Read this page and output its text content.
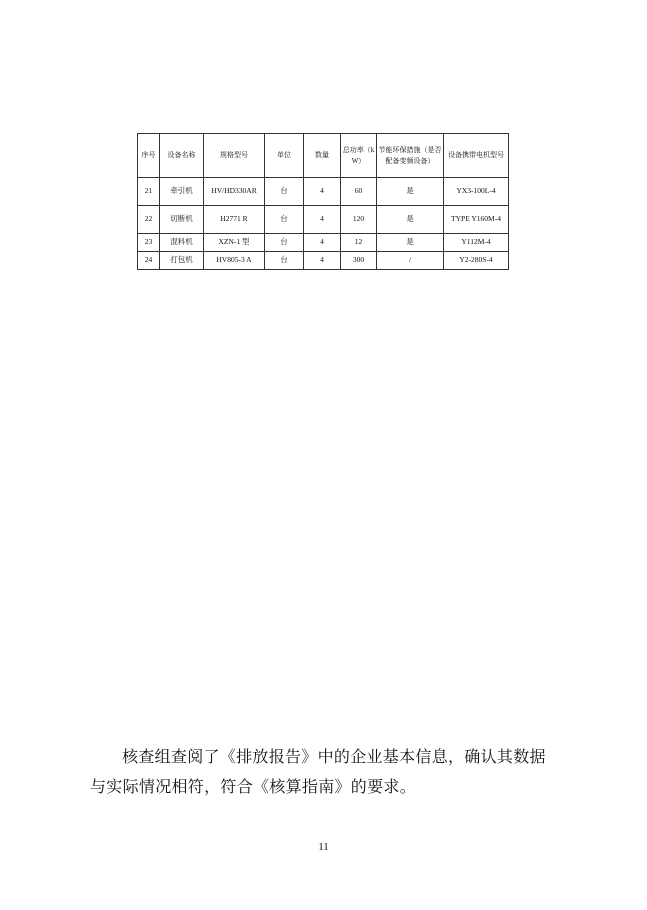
序号	设备名称	规格型号	单位	数量	总功率（kW）	节能环保措施（是否配备变频设备）	设备携带电机型号
21	牵引机	HV/HD330AR	台	4	60	是	YX3-100L-4
22	切断机	H2771 R	台	4	120	是	TYPE Y160M-4
23	混料机	XZN-1 型	台	4	12	是	Y112M-4
24	打包机	HV805-3 A	台	4	300	/	Y2-280S-4

核查组查阅了《排放报告》中的企业基本信息，确认其数据与实际情况相符，符合《核算指南》的要求。

11
